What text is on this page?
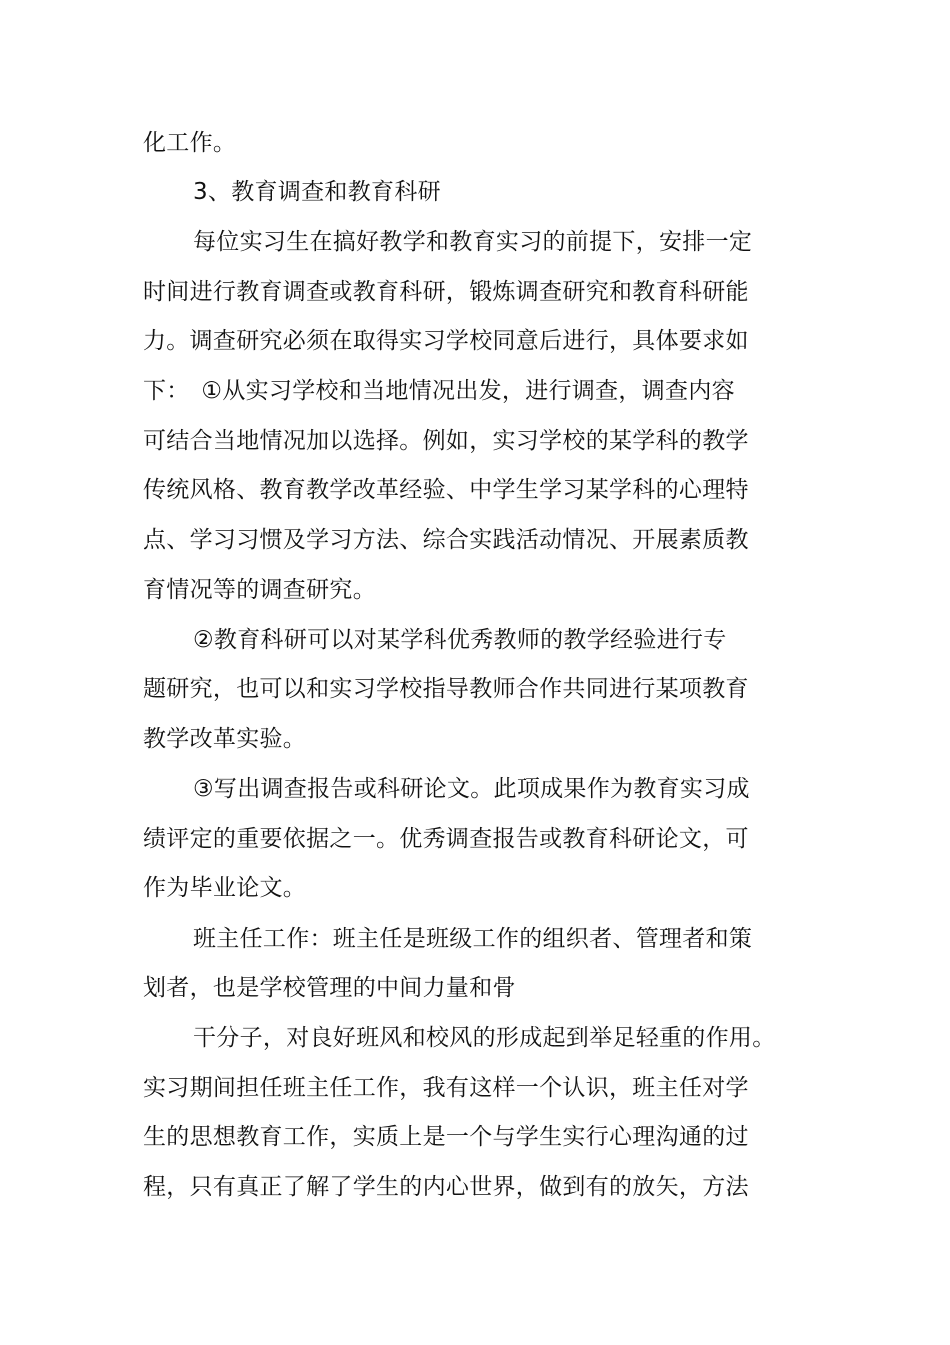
化工作。
3、教育调查和教育科研
每位实习生在搞好教学和教育实习的前提下，安排一定
时间进行教育调查或教育科研，锻炼调查研究和教育科研能
力。调查研究必须在取得实习学校同意后进行，具体要求如
下：　①从实习学校和当地情况出发，进行调查，调查内容
可结合当地情况加以选择。例如，实习学校的某学科的教学
传统风格、教育教学改革经验、中学生学习某学科的心理特
点、学习习惯及学习方法、综合实践活动情况、开展素质教
育情况等的调查研究。
②教育科研可以对某学科优秀教师的教学经验进行专
题研究，也可以和实习学校指导教师合作共同进行某项教育
教学改革实验。
③写出调查报告或科研论文。此项成果作为教育实习成
绩评定的重要依据之一。优秀调查报告或教育科研论文，可
作为毕业论文。
班主任工作：班主任是班级工作的组织者、管理者和策
划者，也是学校管理的中间力量和骨
干分子，对良好班风和校风的形成起到举足轻重的作用。
实习期间担任班主任工作，我有这样一个认识，班主任对学
生的思想教育工作，实质上是一个与学生实行心理沟通的过
程，只有真正了解了学生的内心世界，做到有的放矢，方法
